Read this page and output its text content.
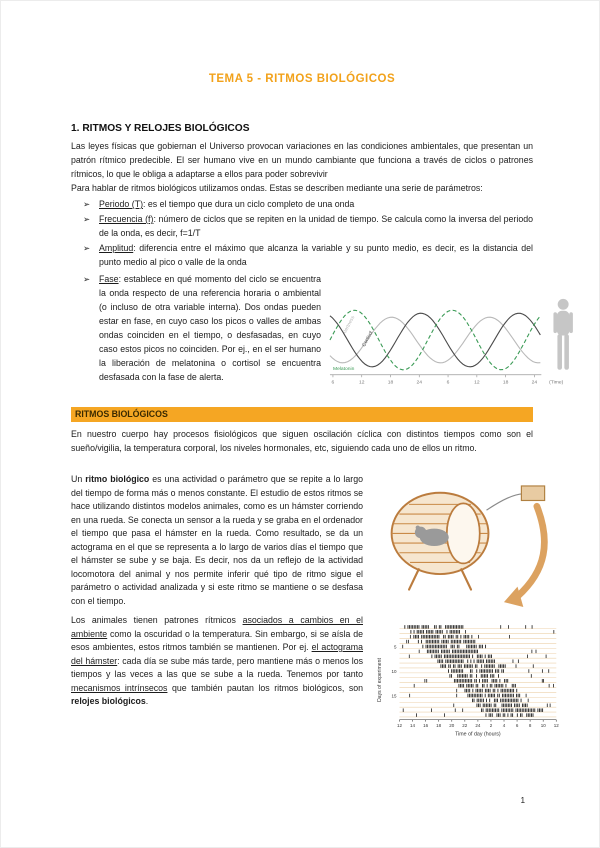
TEMA 5 - RITMOS BIOLÓGICOS
1. RITMOS Y RELOJES BIOLÓGICOS

Las leyes físicas que gobiernan el Universo provocan variaciones en las condiciones ambientales, que presentan un patrón rítmico predecible. El ser humano vive en un mundo cambiante que funciona a través de ciclos o patrones rítmicos, lo que le obliga a adaptarse a ellos para poder sobrevivir

Para hablar de ritmos biológicos utilizamos ondas. Estas se describen mediante una serie de parámetros:

➢	Periodo (T): es el tiempo que dura un ciclo completo de una onda
➢	Frecuencia (f): número de ciclos que se repiten en la unidad de tiempo. Se calcula como la inversa del periodo de la onda, es decir, f=1/T
➢	Amplitud: diferencia entre el máximo que alcanza la variable y su punto medio, es decir, es la distancia del punto medio al pico o valle de la onda
➢	Fase: establece en qué momento del ciclo se encuentra la onda respecto de una referencia horaria o ambiental (o incluso de otra variable interna). Dos ondas pueden estar en fase, en cuyo caso los picos o valles de ambas ondas coinciden en el tiempo, o desfasadas, en cuyo caso estos picos no coinciden. Por ej., en el ser humano la liberación de melatonina o cortisol se encuentra desfasada con la fase de alerta.
6	12	18	24	6	12	18	24 (Time)
Alertness
Cortisol
Melatonin
RITMOS BIOLÓGICOS

En nuestro cuerpo hay procesos fisiológicos que siguen oscilación cíclica con distintos tiempos como son el sueño/vigilia, la temperatura corporal, los niveles hormonales, etc, siguiendo cada uno de ellos un ritmo.

Un ritmo biológico es una actividad o parámetro que se repite a lo largo del tiempo de forma más o menos constante. El estudio de estos ritmos se hace utilizando distintos modelos animales, como es un hámster corriendo en una rueda. Se conecta un sensor a la rueda y se graba en el ordenador el tiempo que pasa el hámster en la rueda. Como resultado, se da un actograma en el que se representa a lo largo de varios días el tiempo que el hámster se sube y se baja. Es decir, nos da un reflejo de la actividad locomotora del animal y nos permite inferir qué tipo de ritmo sigue el parámetro o actividad analizada y si este ritmo se mantiene o se desfasa con el tiempo.

Los animales tienen patrones rítmicos asociados a cambios en el ambiente como la oscuridad o la temperatura. Sin embargo, si se aísla de esos ambientes, estos ritmos también se mantienen. Por ej. el actograma del hámster: cada día se sube más tarde, pero mantiene más o menos los tiempos y las veces a las que se sube a la rueda. Tenemos por tanto mecanismos intrínsecos que también pautan los ritmos biológicos, son relojes biológicos.	Days of experiment
5
10
15
12 14 16 18 20 22 24 2 4 6 8 10 12
Time of day (hours)
1
